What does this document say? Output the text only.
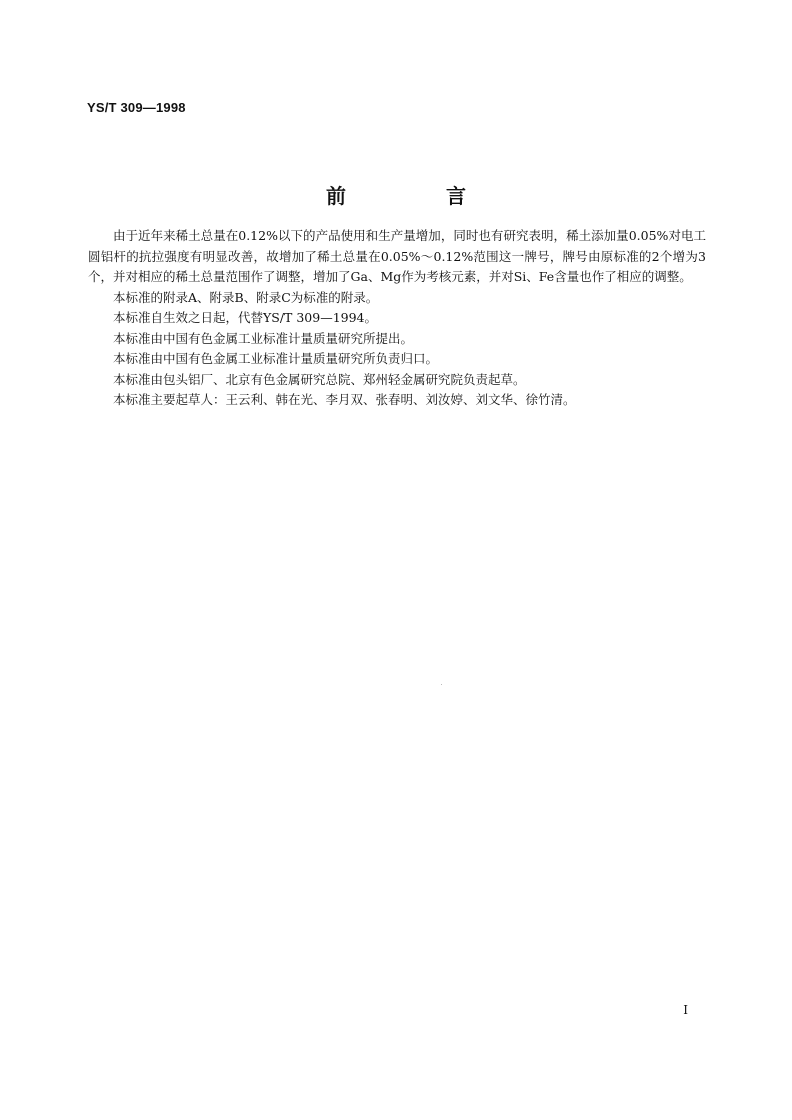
YS/T 309—1998
前　言

由于近年来稀土总量在0.12%以下的产品使用和生产量增加，同时也有研究表明，稀土添加量0.05%对电工圆铝杆的抗拉强度有明显改善，故增加了稀土总量在0.05%～0.12%范围这一牌号，牌号由原标准的2个增为3个，并对相应的稀土总量范围作了调整，增加了Ga、Mg作为考核元素，并对Si、Fe含量也作了相应的调整。

本标准的附录A、附录B、附录C为标准的附录。

本标准自生效之日起，代替YS/T 309—1994。

本标准由中国有色金属工业标准计量质量研究所提出。

本标准由中国有色金属工业标准计量质量研究所负责归口。

本标准由包头铝厂、北京有色金属研究总院、郑州轻金属研究院负责起草。

本标准主要起草人：王云利、韩在光、李月双、张春明、刘汝婷、刘文华、徐竹清。

I
